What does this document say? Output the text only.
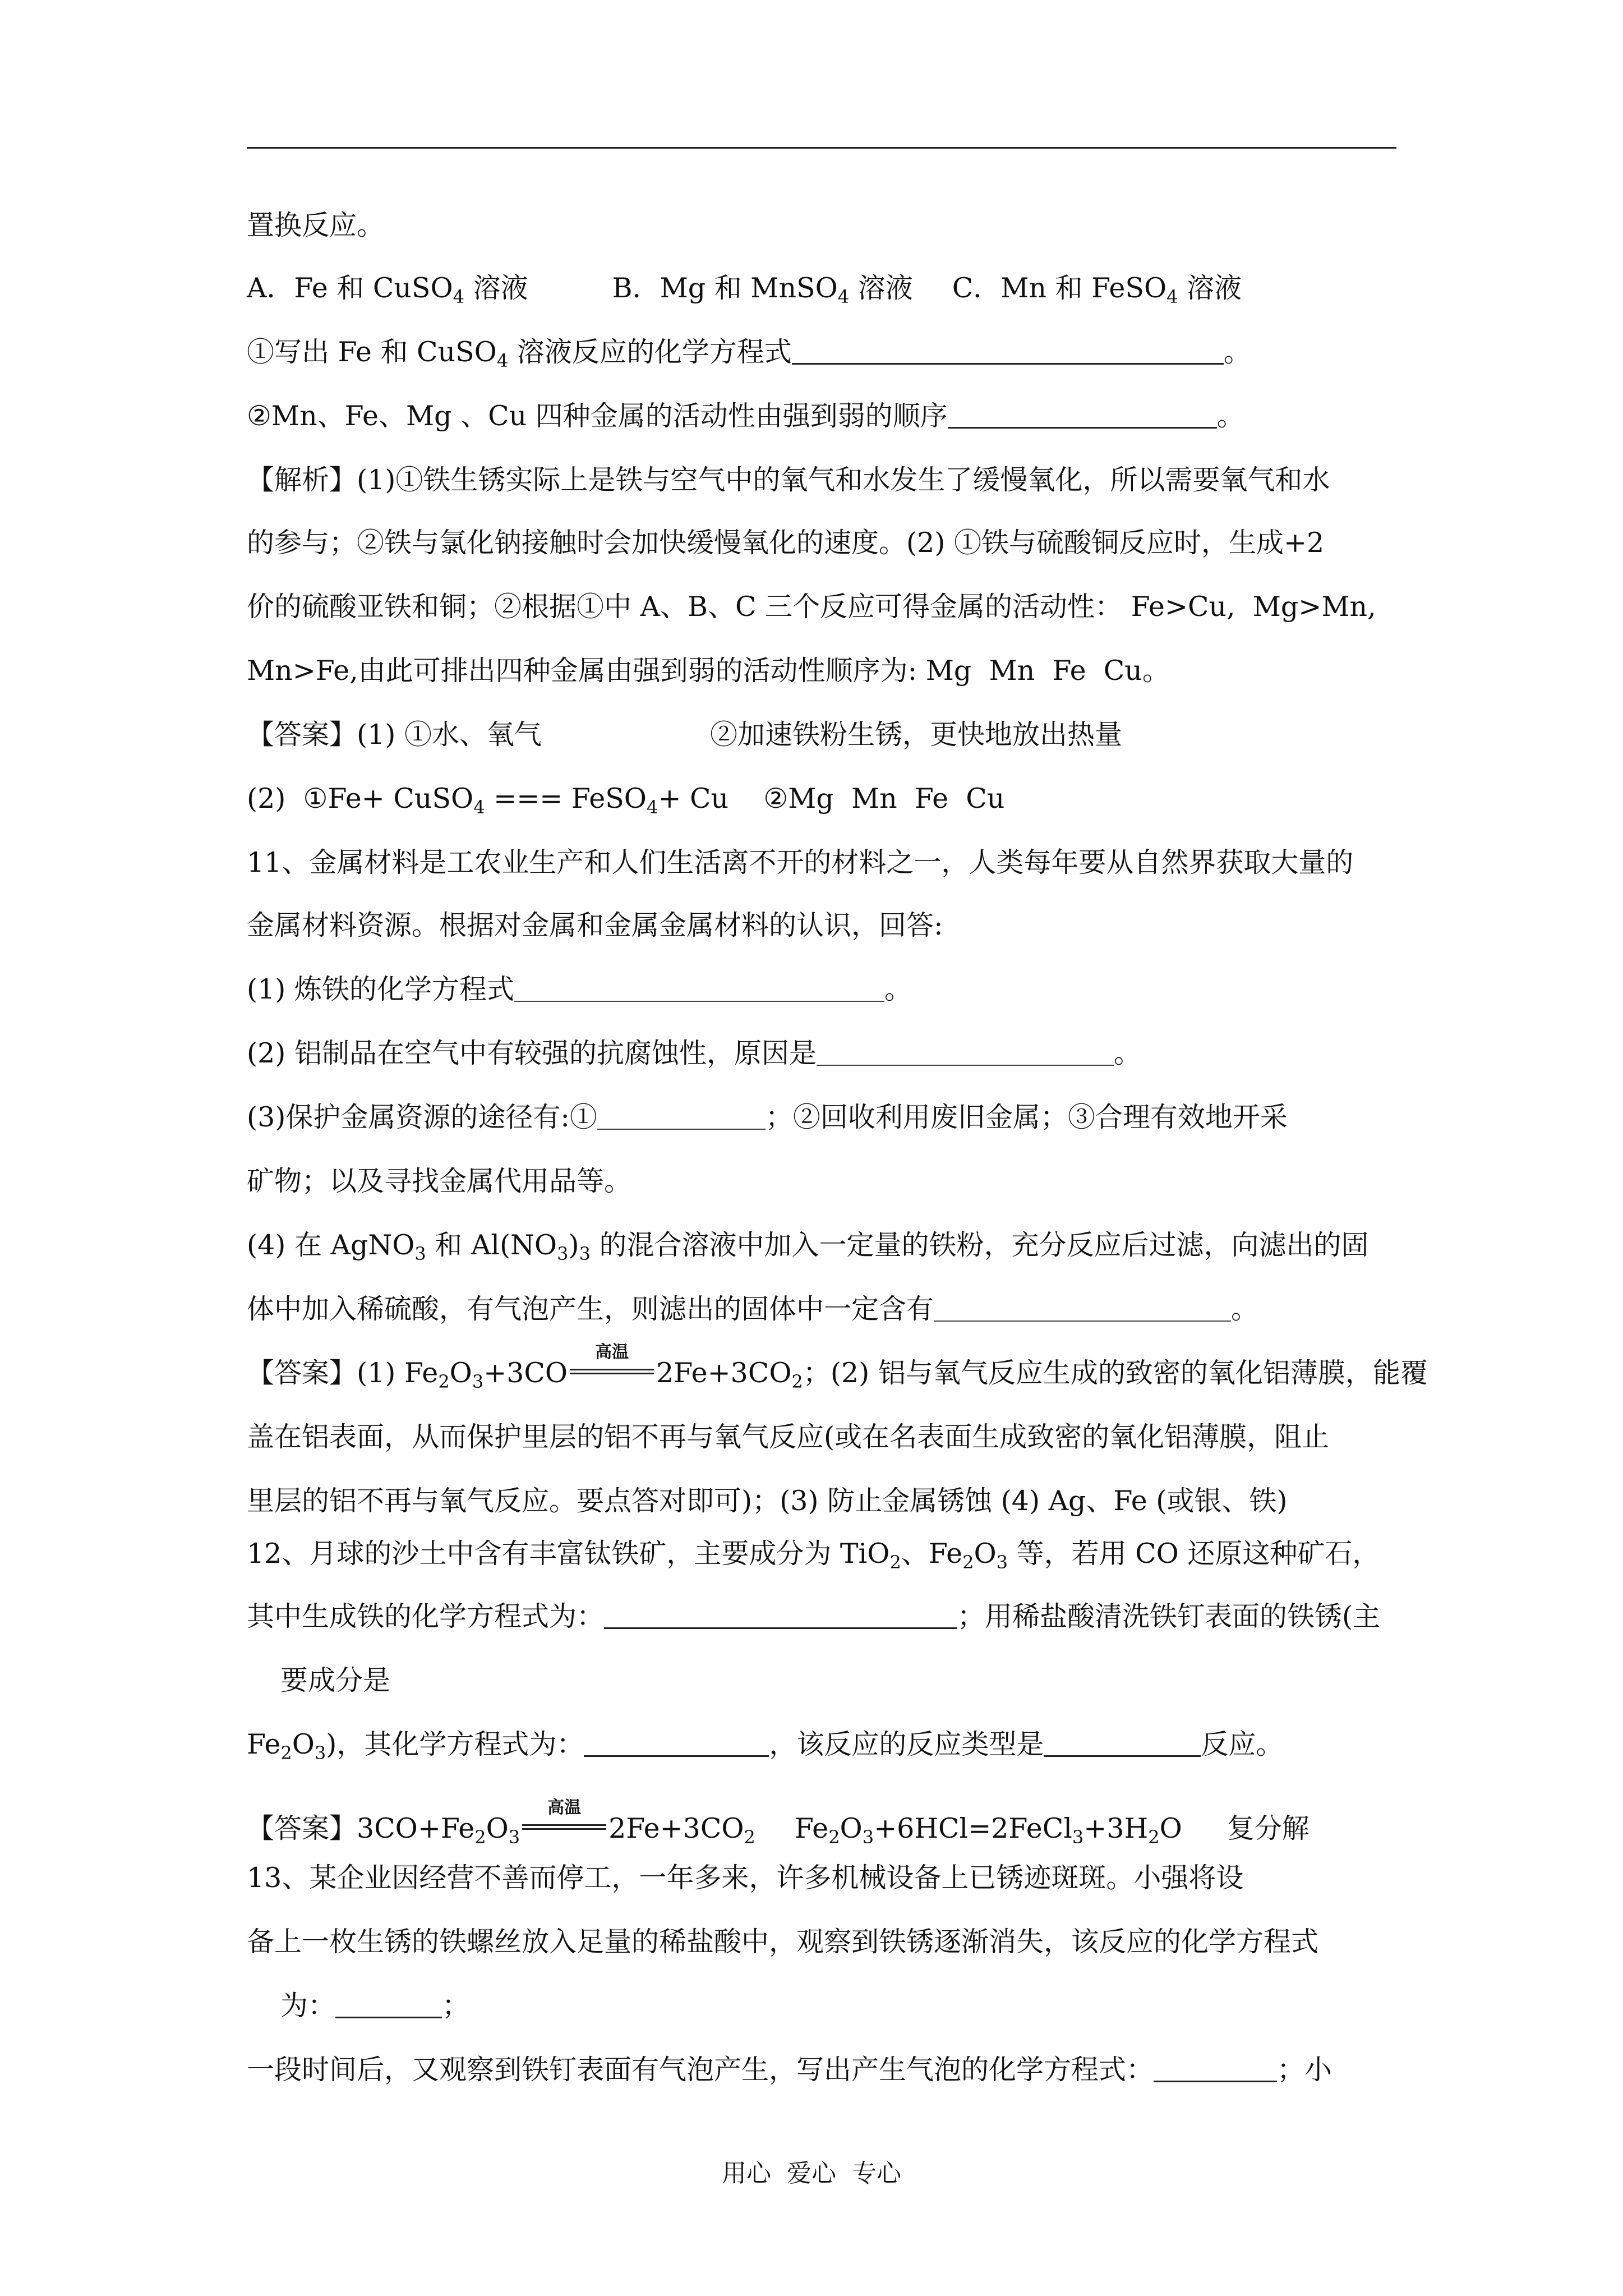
置换反应。
A．Fe 和 CuSO$_4$ 溶液	B．Mg 和 MnSO$_4$ 溶液 C．Mn 和 FeSO$_4$ 溶液
①写出 Fe 和 CuSO$_4$ 溶液反应的化学方程式	。
②Mn、Fe、Mg 、Cu 四种金属的活动性由强到弱的顺序	。
【解析】(1)①铁生锈实际上是铁与空气中的氧气和水发生了缓慢氧化，所以需要氧气和水
的参与；②铁与氯化钠接触时会加快缓慢氧化的速度。(2) ①铁与硫酸铜反应时，生成+2
价的硫酸亚铁和铜；②根据①中 A、B、C 三个反应可得金属的活动性： Fe>Cu,  Mg>Mn,
Mn>Fe,由此可排出四种金属由强到弱的活动性顺序为: Mg  Mn  Fe  Cu。
【答案】(1) ①水、氧气	②加速铁粉生锈，更快地放出热量
(2)  ①Fe+ CuSO$_4$ === FeSO$_4$+ Cu    ②Mg  Mn  Fe  Cu
11、金属材料是工农业生产和人们生活离不开的材料之一，人类每年要从自然界获取大量的
金属材料资源。根据对金属和金属金属材料的认识，回答:
(1) 炼铁的化学方程式	。
(2) 铝制品在空气中有较强的抗腐蚀性，原因是	。
(3)保护金属资源的途径有:①	；②回收利用废旧金属；③合理有效地开采
矿物；以及寻找金属代用品等。
(4) 在 AgNO$_3$ 和 $Al(NO_3)_3$ 的混合溶液中加入一定量的铁粉，充分反应后过滤，向滤出的固
体中加入稀硫酸，有气泡产生，则滤出的固体中一定含有	。
【答案】(1) $Fe_2O_3+3CO$
高温
$2Fe+3CO_2$；(2) 铝与氧气反应生成的致密的氧化铝薄膜，能覆
盖在铝表面，从而保护里层的铝不再与氧气反应(或在名表面生成致密的氧化铝薄膜，阻止
里层的铝不再与氧气反应。要点答对即可)；(3) 防止金属锈蚀 (4) Ag、Fe (或银、铁)
12、月球的沙土中含有丰富钛铁矿，主要成分为 TiO$_2$、$Fe_2O_3$ 等，若用 CO 还原这种矿石，
其中生成铁的化学方程式为：	；用稀盐酸清洗铁钉表面的铁锈(主
要成分是
$Fe_2O_3$)，其化学方程式为：	，该反应的反应类型是	反应。
【答案】$3CO+Fe_2O_3$
高温
$2Fe+3CO_2$ $Fe_2O_3+6HCl=2FeCl_3+3H_2O$ 复分解
13、某企业因经营不善而停工，一年多来，许多机械设备上已锈迹斑斑。小强将设
备上一枚生锈的铁螺丝放入足量的稀盐酸中，观察到铁锈逐渐消失，该反应的化学方程式
为：	；
一段时间后，又观察到铁钉表面有气泡产生，写出产生气泡的化学方程式：	；小
用心  爱心  专心
